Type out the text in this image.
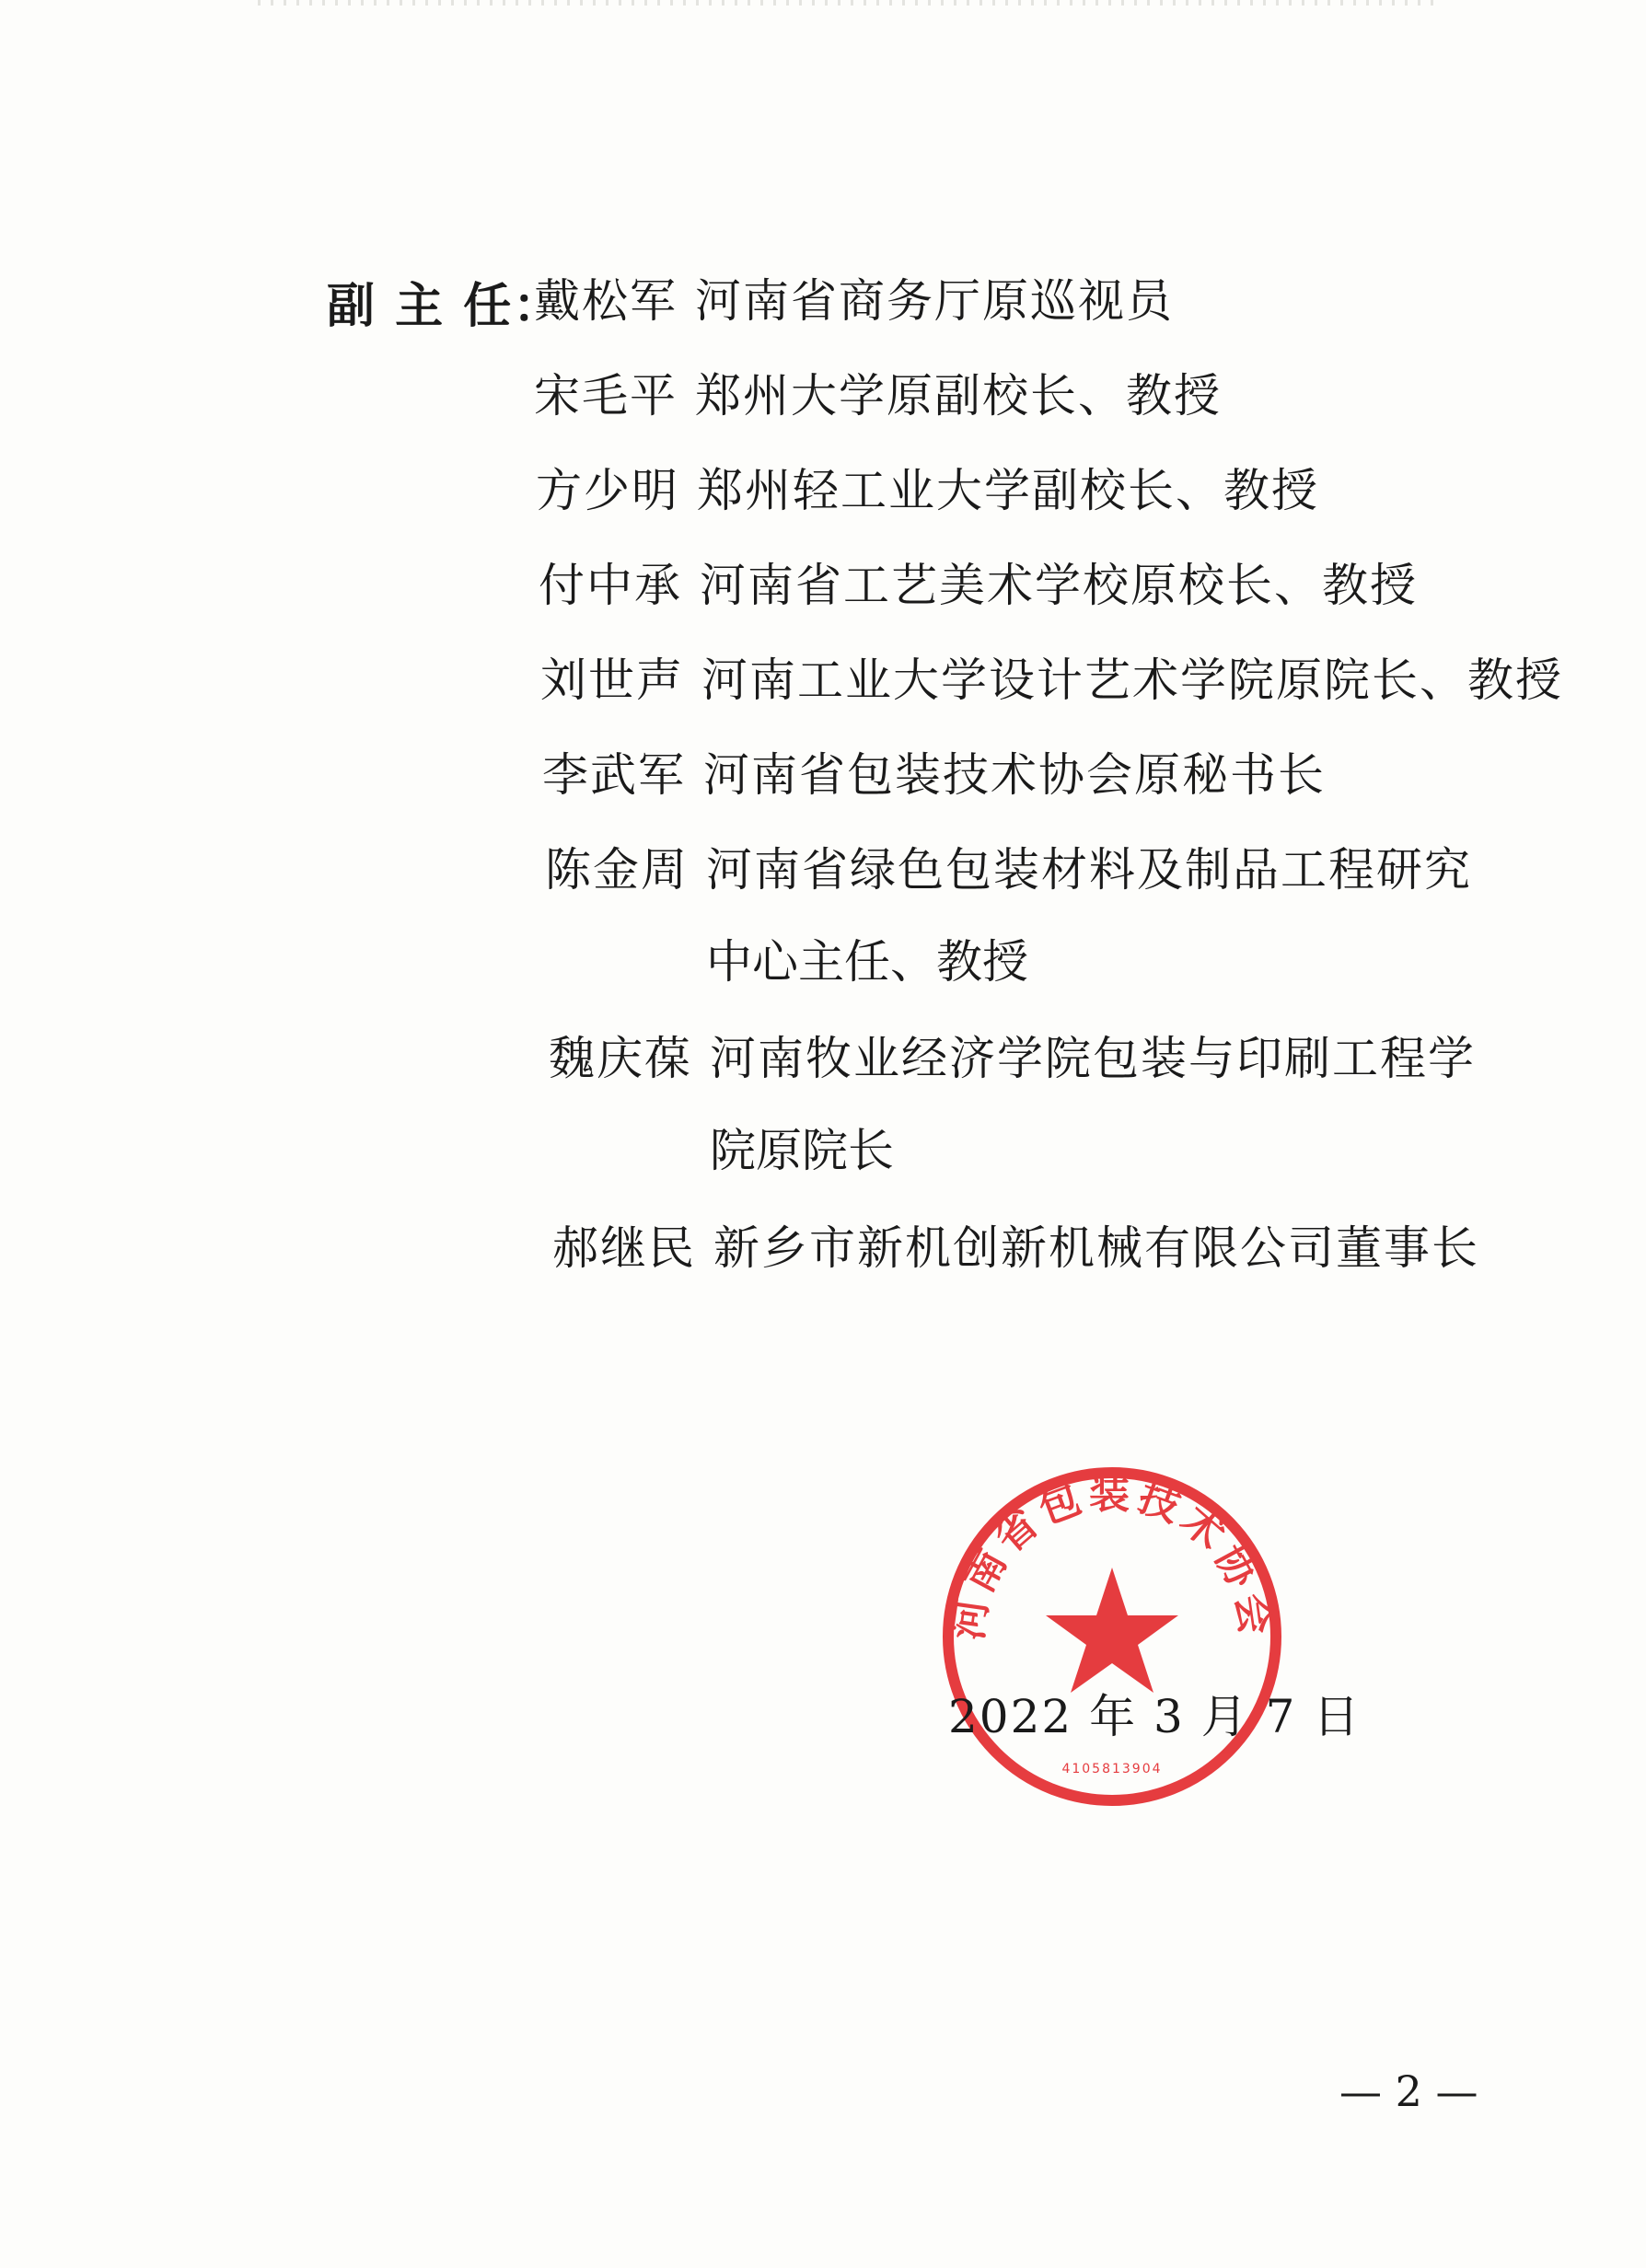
副 主 任：
戴松军 河南省商务厅原巡视员
宋毛平 郑州大学原副校长、教授
方少明 郑州轻工业大学副校长、教授
付中承 河南省工艺美术学校原校长、教授
刘世声 河南工业大学设计艺术学院原院长、教授
李武军 河南省包装技术协会原秘书长
陈金周 河南省绿色包装材料及制品工程研究
中心主任、教授
魏庆葆 河南牧业经济学院包装与印刷工程学
院原院长
郝继民 新乡市新机创新机械有限公司董事长
河南省包装技术协会
4105813904
2022 年 3 月 7 日
— 2 —
